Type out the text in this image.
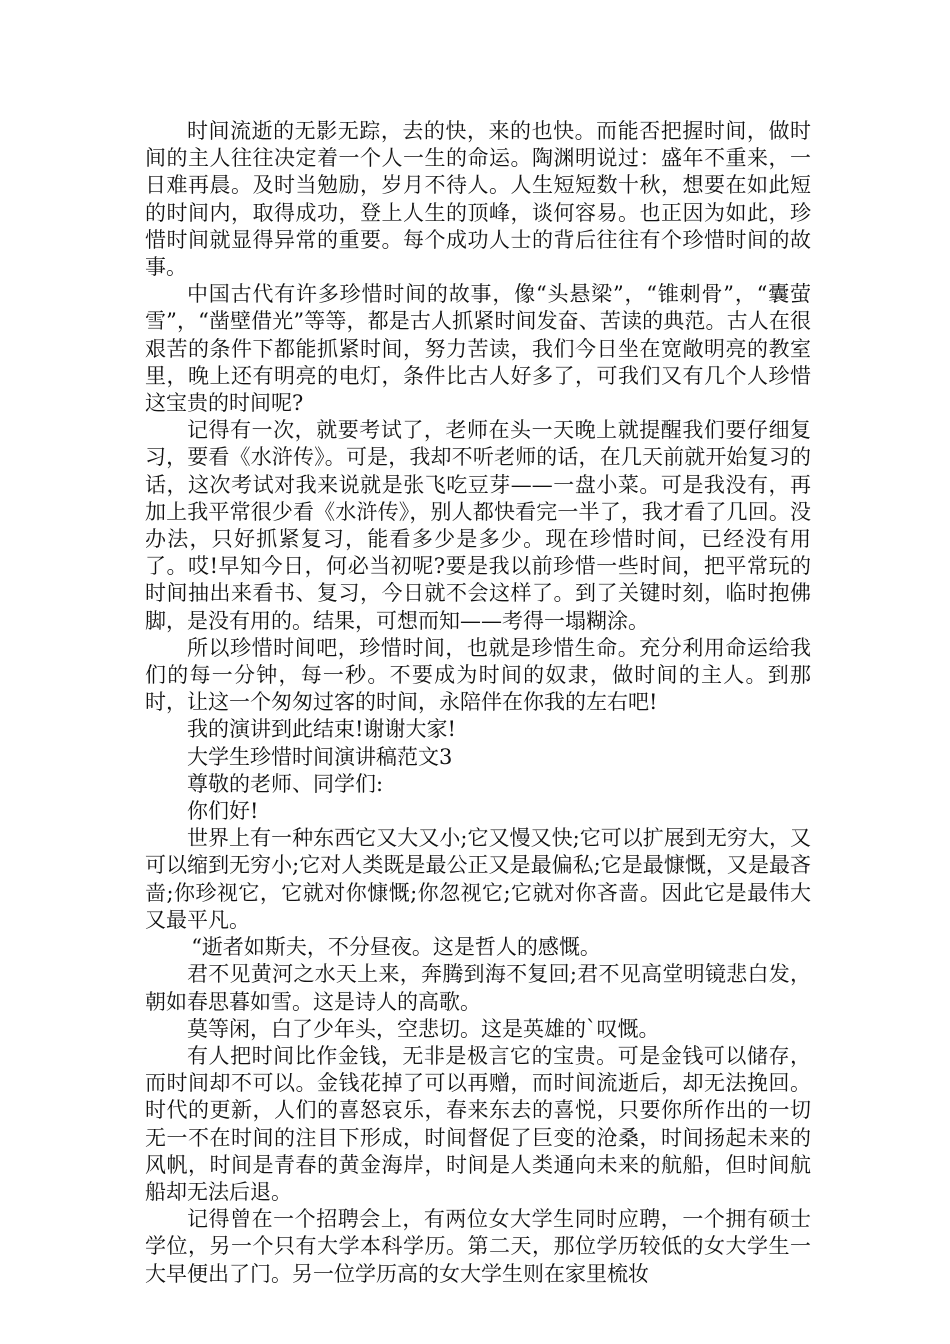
时间流逝的无影无踪，去的快，来的也快。而能否把握时间，做时间的主人往往决定着一个人一生的命运。陶渊明说过：盛年不重来，一日难再晨。及时当勉励，岁月不待人。人生短短数十秋，想要在如此短的时间内，取得成功，登上人生的顶峰，谈何容易。也正因为如此，珍惜时间就显得异常的重要。每个成功人士的背后往往有个珍惜时间的故事。

中国古代有许多珍惜时间的故事，像“头悬梁”，“锥刺骨”，“囊萤雪”，“凿壁借光”等等，都是古人抓紧时间发奋、苦读的典范。古人在很艰苦的条件下都能抓紧时间，努力苦读，我们今日坐在宽敞明亮的教室里，晚上还有明亮的电灯，条件比古人好多了，可我们又有几个人珍惜这宝贵的时间呢?

记得有一次，就要考试了，老师在头一天晚上就提醒我们要仔细复习，要看《水浒传》。可是，我却不听老师的话，在几天前就开始复习的话，这次考试对我来说就是张飞吃豆芽——一盘小菜。可是我没有，再加上我平常很少看《水浒传》，别人都快看完一半了，我才看了几回。没办法，只好抓紧复习，能看多少是多少。现在珍惜时间，已经没有用了。哎!早知今日，何必当初呢?要是我以前珍惜一些时间，把平常玩的时间抽出来看书、复习，今日就不会这样了。到了关键时刻，临时抱佛脚，是没有用的。结果，可想而知——考得一塌糊涂。

所以珍惜时间吧，珍惜时间，也就是珍惜生命。充分利用命运给我们的每一分钟，每一秒。不要成为时间的奴隶，做时间的主人。到那时，让这一个匆匆过客的时间，永陪伴在你我的左右吧!

我的演讲到此结束!谢谢大家!

大学生珍惜时间演讲稿范文3

尊敬的老师、同学们:

你们好!

世界上有一种东西它又大又小;它又慢又快;它可以扩展到无穷大，又可以缩到无穷小;它对人类既是最公正又是最偏私;它是最慷慨，又是最吝啬;你珍视它，它就对你慷慨;你忽视它;它就对你吝啬。因此它是最伟大又最平凡。

“逝者如斯夫，不分昼夜。这是哲人的感慨。

君不见黄河之水天上来，奔腾到海不复回;君不见高堂明镜悲白发，朝如春思暮如雪。这是诗人的高歌。

莫等闲，白了少年头，空悲切。这是英雄的`叹慨。

有人把时间比作金钱，无非是极言它的宝贵。可是金钱可以储存，而时间却不可以。金钱花掉了可以再赠，而时间流逝后，却无法挽回。时代的更新，人们的喜怒哀乐，春来东去的喜悦，只要你所作出的一切无一不在时间的注目下形成，时间督促了巨变的沧桑，时间扬起未来的风帆，时间是青春的黄金海岸，时间是人类通向未来的航船，但时间航船却无法后退。

记得曾在一个招聘会上，有两位女大学生同时应聘，一个拥有硕士学位，另一个只有大学本科学历。第二天，那位学历较低的女大学生一大早便出了门。另一位学历高的女大学生则在家里梳妆
